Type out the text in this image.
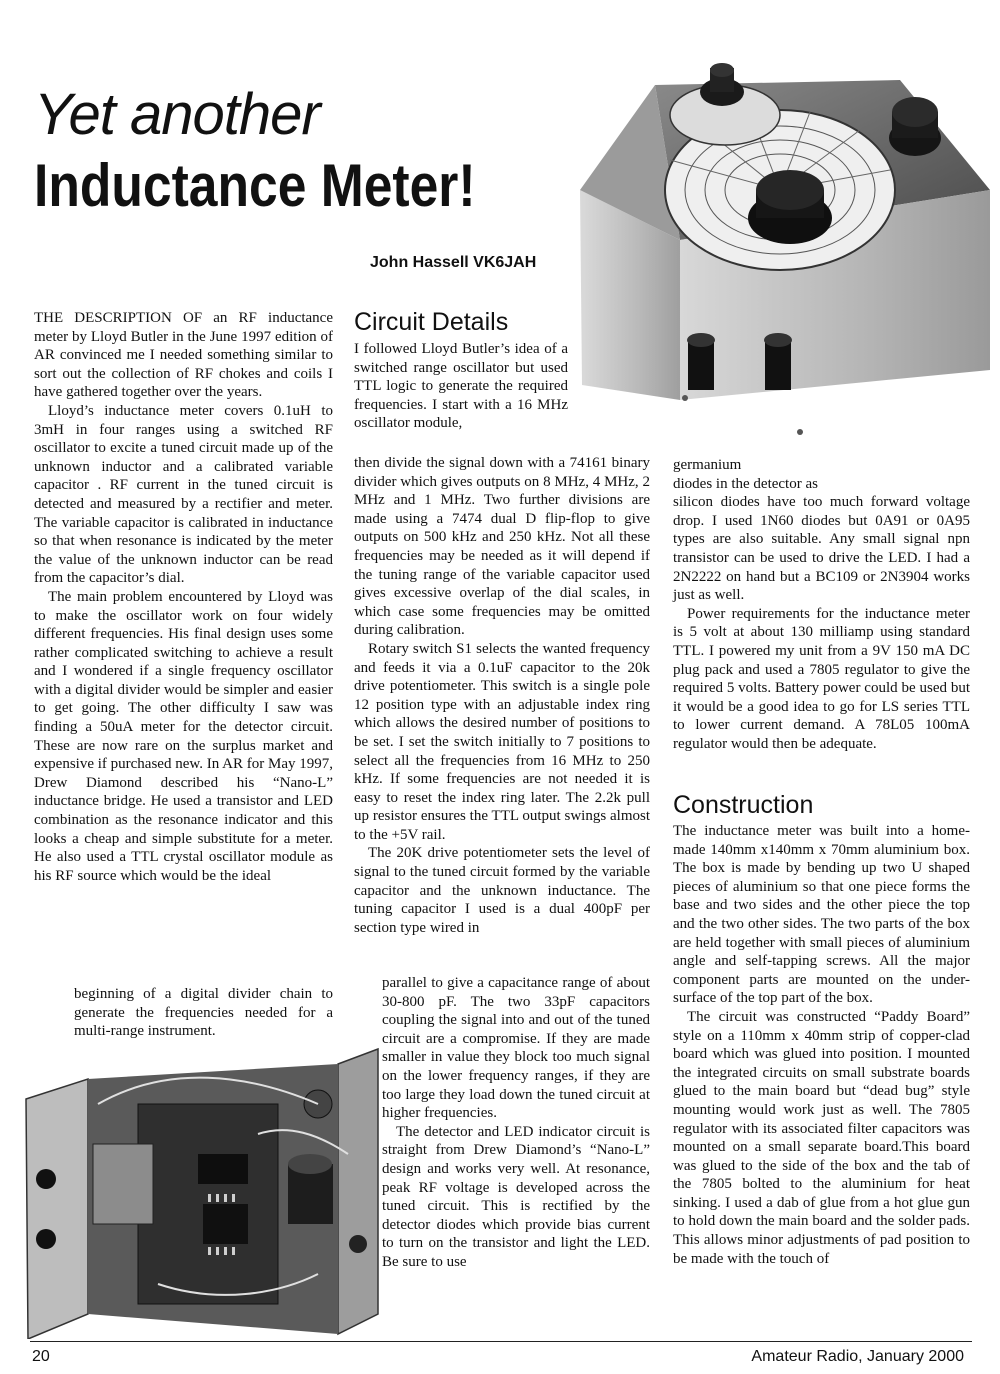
Yet another
Inductance Meter!
John Hassell VK6JAH

THE DESCRIPTION OF an RF inductance meter by Lloyd Butler in the June 1997 edition of AR convinced me I needed something similar to sort out the collection of RF chokes and coils I have gathered together over the years.

Lloyd’s inductance meter covers 0.1uH to 3mH in four ranges using a switched RF oscillator to excite a tuned circuit made up of the unknown inductor and a calibrated variable capacitor . RF current in the tuned circuit is detected and measured by a rectifier and meter. The variable capacitor is calibrated in inductance so that when resonance is indicated by the meter the value of the unknown inductor can be read from the capacitor’s dial.

The main problem encountered by Lloyd was to make the oscillator work on four widely different frequencies. His final design uses some rather complicated switching to achieve a result and I wondered if a single frequency oscillator with a digital divider would be simpler and easier to get going. The other difficulty I saw was finding a 50uA meter for the detector circuit. These are now rare on the surplus market and expensive if purchased new. In AR for May 1997, Drew Diamond described his “Nano-L” inductance bridge. He used a transistor and LED combination as the resonance indicator and this looks a cheap and simple substitute for a meter. He also used a TTL crystal oscillator module as his RF source which would be the ideal

beginning of a digital divider chain to generate the frequencies needed for a multi-range instrument.

Circuit Details

I followed Lloyd Butler’s idea of a switched range oscillator but used TTL logic to generate the required frequencies. I start with a 16 MHz oscillator module,

then divide the signal down with a 74161 binary divider which gives outputs on 8 MHz, 4 MHz, 2 MHz and 1 MHz. Two further divisions are made using a 7474 dual D flip-flop to give outputs on 500 kHz and 250 kHz. Not all these frequencies may be needed as it will depend if the tuning range of the variable capacitor used gives excessive overlap of the dial scales, in which case some frequencies may be omitted during calibration.

Rotary switch S1 selects the wanted frequency and feeds it via a 0.1uF capacitor to the 20k drive potentiometer. This switch is a single pole 12 position type with an adjustable index ring which allows the desired number of positions to be set. I set the switch initially to 7 positions to select all the frequencies from 16 MHz to 250 kHz. If some frequencies are not needed it is easy to reset the index ring later. The 2.2k pull up resistor ensures the TTL output swings almost to the +5V rail.

The 20K drive potentiometer sets the level of signal to the tuned circuit formed by the variable capacitor and the unknown inductance. The tuning capacitor I used is a dual 400pF per section type wired in

parallel to give a capacitance range of about 30-800 pF. The two 33pF capacitors coupling the signal into and out of the tuned circuit are a compromise. If they are made smaller in value they block too much signal on the lower frequency ranges, if they are too large they load down the tuned circuit at higher frequencies.

The detector and LED indicator circuit is straight from Drew Diamond’s “Nano-L” design and works very well. At resonance, peak RF voltage is developed across the tuned circuit. This is rectified by the detector diodes which provide bias current to turn on the transistor and light the LED. Be sure to use

germanium

diodes in the detector as

silicon diodes have too much forward voltage drop. I used 1N60 diodes but 0A91 or 0A95 types are also suitable. Any small signal npn transistor can be used to drive the LED. I had a 2N2222 on hand but a BC109 or 2N3904 works just as well.

Power requirements for the inductance meter is 5 volt at about 130 milliamp using standard TTL. I powered my unit from a 9V 150 mA DC plug pack and used a 7805 regulator to give the required 5 volts. Battery power could be used but it would be a good idea to go for LS series TTL to lower current demand. A 78L05 100mA regulator would then be adequate.

Construction

The inductance meter was built into a home-made 140mm x140mm x 70mm aluminium box. The box is made by bending up two U shaped pieces of aluminium so that one piece forms the base and two sides and the other piece the top and the two other sides. The two parts of the box are held together with small pieces of aluminium angle and self-tapping screws. All the major component parts are mounted on the under-surface of the top part of the box.

The circuit was constructed “Paddy Board” style on a 110mm x 40mm strip of copper-clad board which was glued into position. I mounted the integrated circuits on small substrate boards glued to the main board but “dead bug” style mounting would work just as well. The 7805 regulator with its associated filter capacitors was mounted on a small separate board.This board was glued to the side of the box and the tab of the 7805 bolted to the aluminium for heat sinking. I used a dab of glue from a hot glue gun to hold down the main board and the solder pads. This allows minor adjustments of pad position to be made with the touch of

20	Amateur Radio, January 2000
